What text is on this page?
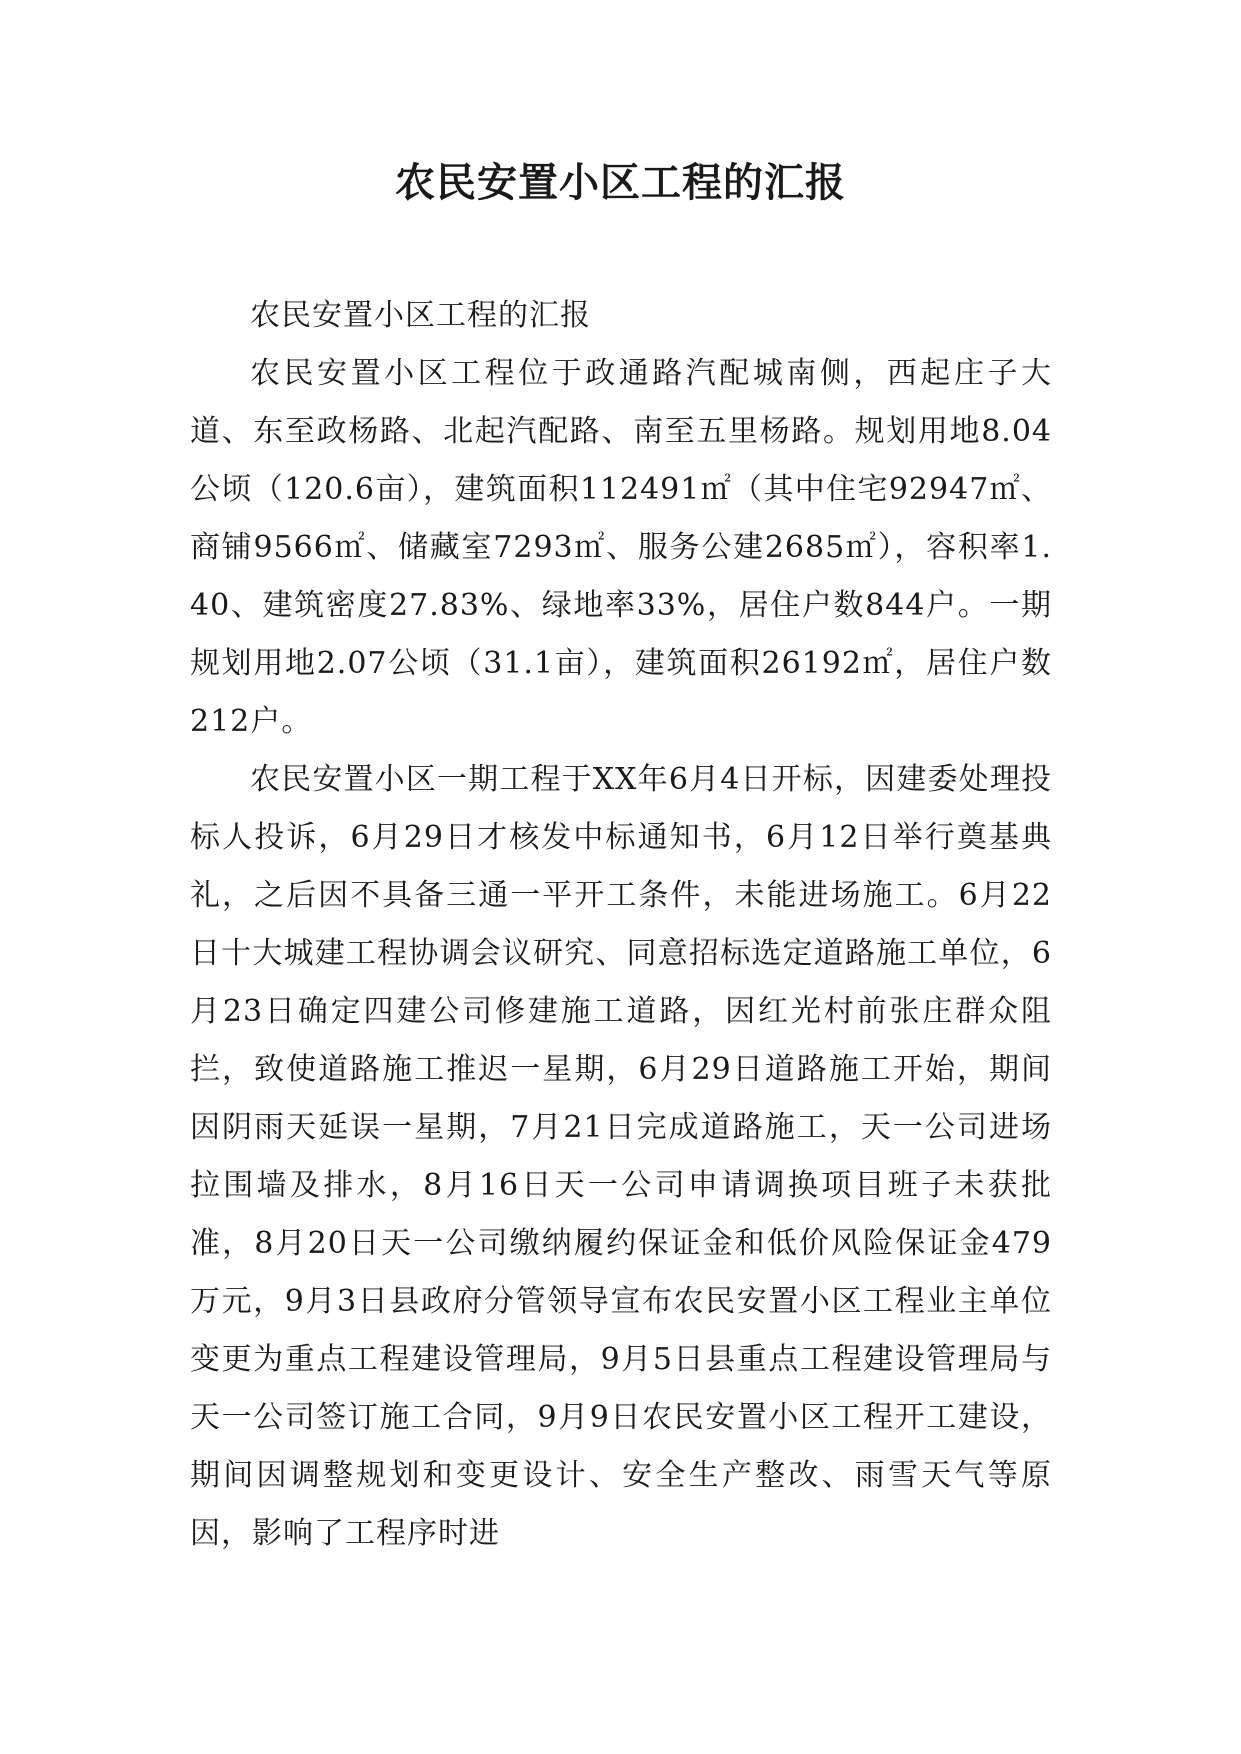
农民安置小区工程的汇报

农民安置小区工程的汇报

农民安置小区工程位于政通路汽配城南侧，西起庄子大道、东至政杨路、北起汽配路、南至五里杨路。规划用地8.04公顷（120.6亩），建筑面积112491㎡（其中住宅92947㎡、商铺9566㎡、储藏室7293㎡、服务公建2685㎡），容积率1.40、建筑密度27.83%、绿地率33%，居住户数844户。一期规划用地2.07公顷（31.1亩），建筑面积26192㎡，居住户数212户。

农民安置小区一期工程于XX年6月4日开标，因建委处理投标人投诉，6月29日才核发中标通知书，6月12日举行奠基典礼，之后因不具备三通一平开工条件，未能进场施工。6月22日十大城建工程协调会议研究、同意招标选定道路施工单位，6月23日确定四建公司修建施工道路，因红光村前张庄群众阻拦，致使道路施工推迟一星期，6月29日道路施工开始，期间因阴雨天延误一星期，7月21日完成道路施工，天一公司进场拉围墙及排水，8月16日天一公司申请调换项目班子未获批准，8月20日天一公司缴纳履约保证金和低价风险保证金479万元，9月3日县政府分管领导宣布农民安置小区工程业主单位变更为重点工程建设管理局，9月5日县重点工程建设管理局与天一公司签订施工合同，9月9日农民安置小区工程开工建设，期间因调整规划和变更设计、安全生产整改、雨雪天气等原因，影响了工程序时进
